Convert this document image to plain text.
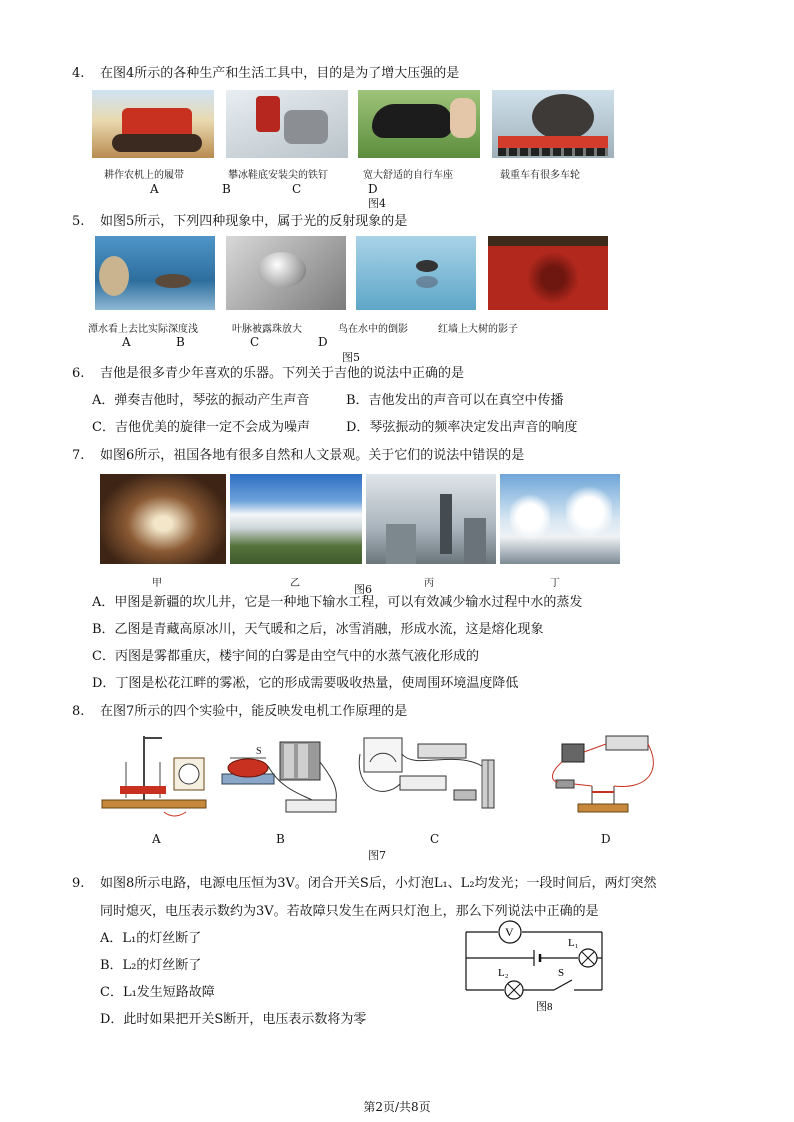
4. 在图4所示的各种生产和生活工具中，目的是为了增大压强的是
耕作农机上的履带	攀冰鞋底安装尖的铁钉	宽大舒适的自行车座	载重车有很多车轮
A	B	C	D
图4
5. 如图5所示，下列四种现象中，属于光的反射现象的是
潭水看上去比实际深度浅	叶脉被露珠放大	鸟在水中的倒影	红墙上大树的影子
A	B	C	D
图5
6. 吉他是很多青少年喜欢的乐器。下列关于吉他的说法中正确的是
A．弹奏吉他时，琴弦的振动产生声音	B．吉他发出的声音可以在真空中传播
C．吉他优美的旋律一定不会成为噪声	D．琴弦振动的频率决定发出声音的响度
7. 如图6所示，祖国各地有很多自然和人文景观。关于它们的说法中错误的是
甲	乙	图6	丙	丁
A．甲图是新疆的坎儿井，它是一种地下输水工程，可以有效减少输水过程中水的蒸发
B．乙图是青藏高原冰川，天气暖和之后，冰雪消融，形成水流，这是熔化现象
C．丙图是雾都重庆，楼宇间的白雾是由空气中的水蒸气液化形成的
D．丁图是松花江畔的雾凇，它的形成需要吸收热量，使周围环境温度降低
8. 在图7所示的四个实验中，能反映发电机工作原理的是
S
A	B	C	D
图7
9. 如图8所示电路，电源电压恒为3V。闭合开关S后，小灯泡L₁、L₂均发光；一段时间后，两灯突然
同时熄灭，电压表示数约为3V。若故障只发生在两只灯泡上，那么下列说法中正确的是
A．L₁的灯丝断了
B．L₂的灯丝断了
C．L₁发生短路故障
D．此时如果把开关S断开，电压表示数将为零
V
L₁
L₂	S
图8
第2页/共8页
